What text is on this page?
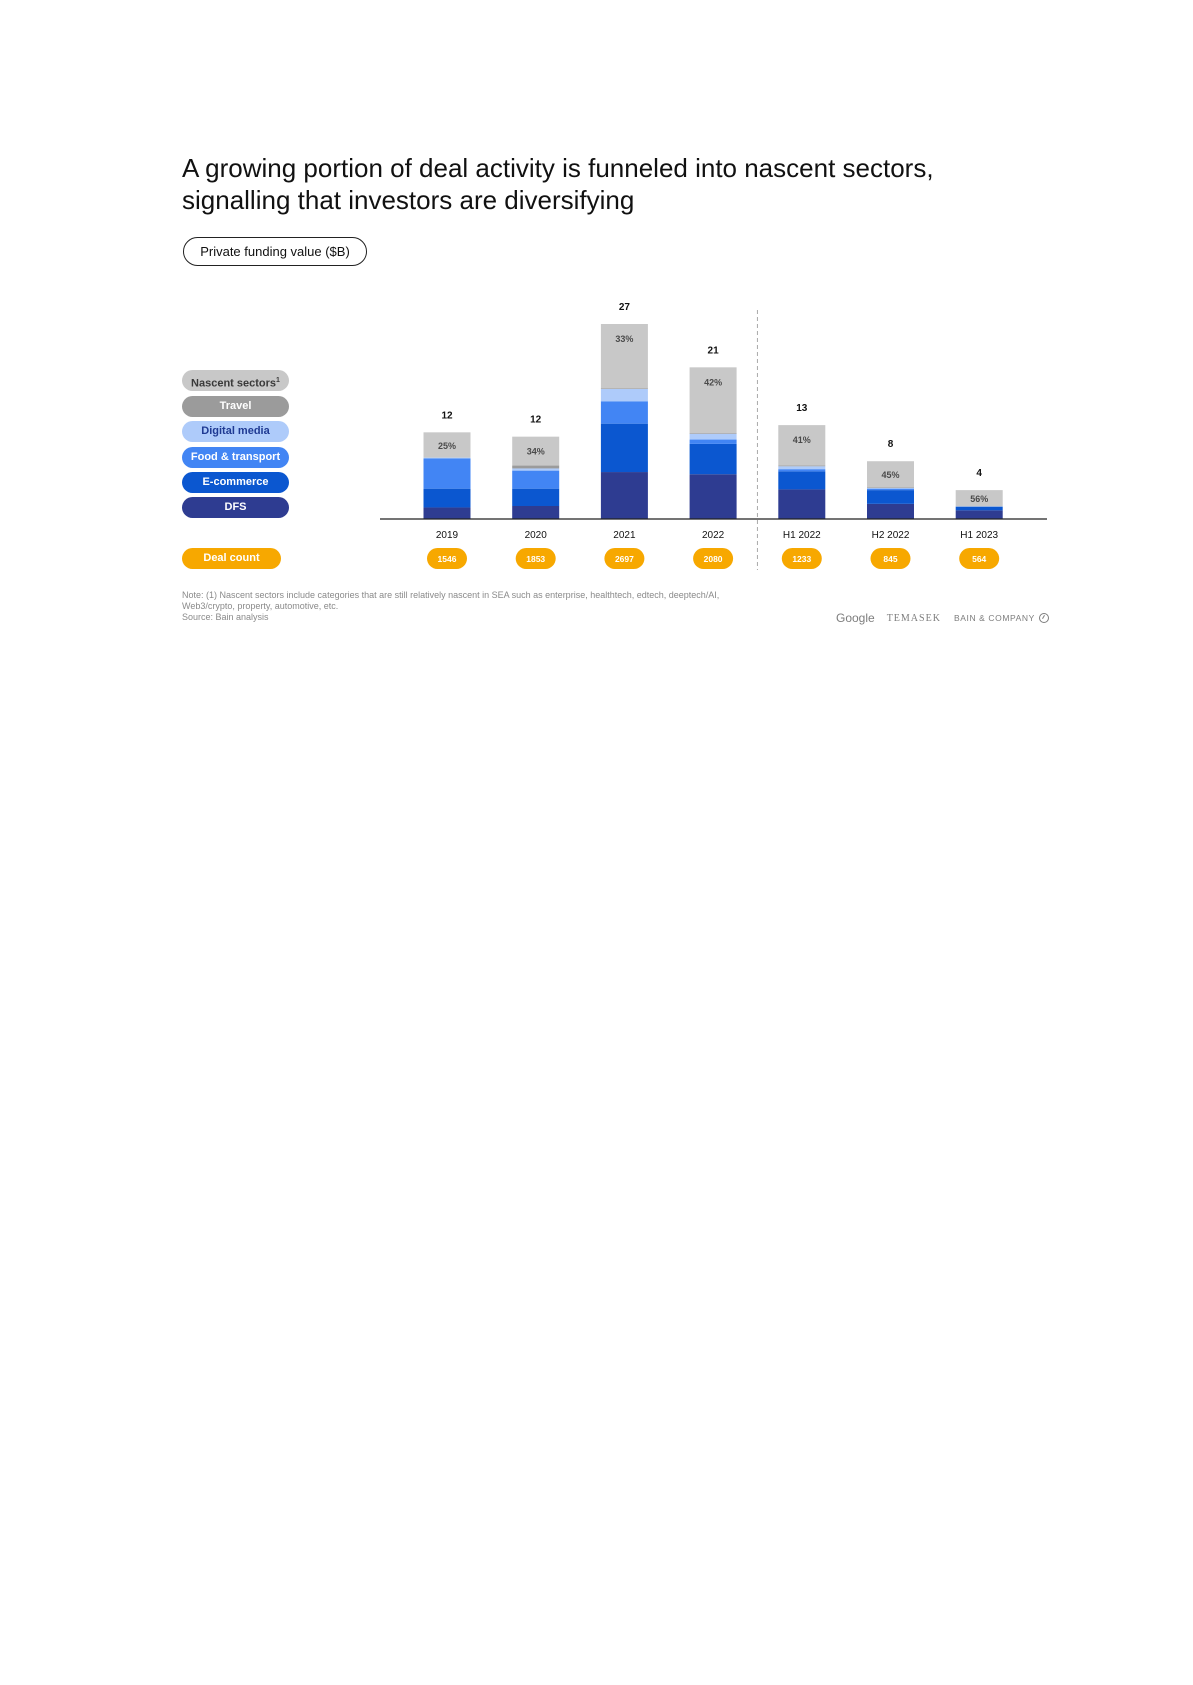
A growing portion of deal activity is funneled into nascent sectors,
signalling that investors are diversifying
Private funding value ($B)
Nascent sectors$^1$
Travel
Digital media
Food & transport
E-commerce
DFS
Deal count
25%
12
2019
1546
34%
12
2020
1853
33%
27
2021
2697
42%
21
2022
2080
41%
13
H1 2022
1233
45%
8
H2 2022
845
56%
4
H1 2023
564
Note: (1) Nascent sectors include categories that are still relatively nascent in SEA such as enterprise, healthtech, edtech, deeptech/AI,
Web3/crypto, property, automotive, etc.
Source: Bain analysis	Google TEMASEK BAIN & COMPANY
